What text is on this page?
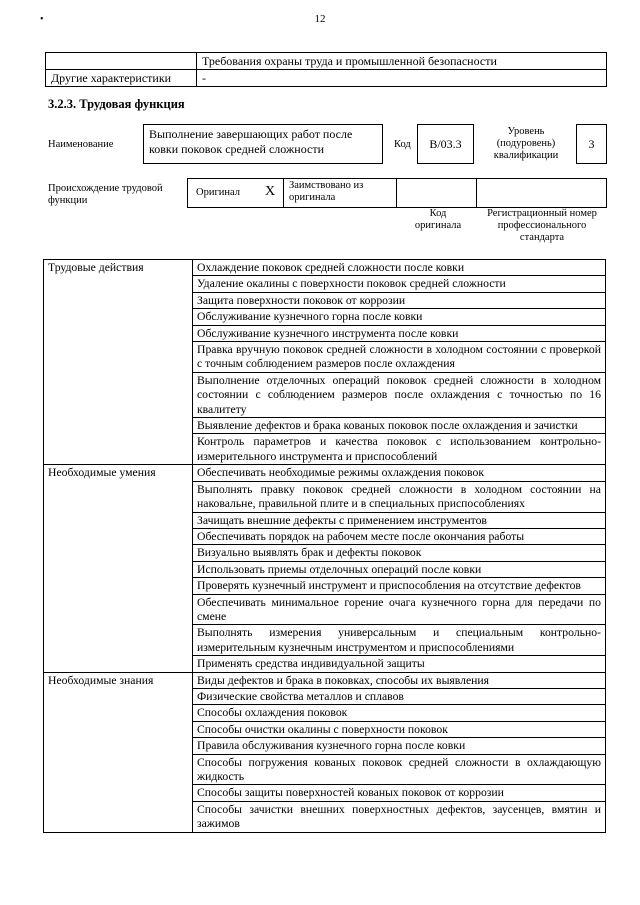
•	12
	Требования охраны труда и промышленной безопасности
Другие характеристики	-
3.2.3. Трудовая функция
Наименование
Выполнение завершающих работ после ковки поковок средней сложности	Код	B/03.3
Уровень (подуровень) квалификации
3
Происхождение трудовой функции
Оригинал X Заимствовано из оригинала
Код оригинала
Регистрационный номер профессионального стандарта
Трудовые действия	Охлаждение поковок средней сложности после ковки
	Удаление окалины с поверхности поковок средней сложности
	Защита поверхности поковок от коррозии
	Обслуживание кузнечного горна после ковки
	Обслуживание кузнечного инструмента после ковки
	Правка вручную поковок средней сложности в холодном состоянии с проверкой с точным соблюдением размеров после охлаждения
	Выполнение отделочных операций поковок средней сложности в холодном состоянии с соблюдением размеров после охлаждения с точностью по 16 квалитету
	Выявление дефектов и брака кованых поковок после охлаждения и зачистки
	Контроль параметров и качества поковок с использованием контрольно-измерительного инструмента и приспособлений
Необходимые умения	Обеспечивать необходимые режимы охлаждения поковок
	Выполнять правку поковок средней сложности в холодном состоянии на наковальне, правильной плите и в специальных приспособлениях
	Зачищать внешние дефекты с применением инструментов
	Обеспечивать порядок на рабочем месте после окончания работы
	Визуально выявлять брак и дефекты поковок
	Использовать приемы отделочных операций после ковки
	Проверять кузнечный инструмент и приспособления на отсутствие дефектов
	Обеспечивать минимальное горение очага кузнечного горна для передачи по смене
	Выполнять измерения универсальным и специальным контрольно-измерительным кузнечным инструментом и приспособлениями
	Применять средства индивидуальной защиты
Необходимые знания	Виды дефектов и брака в поковках, способы их выявления
	Физические свойства металлов и сплавов
	Способы охлаждения поковок
	Способы очистки окалины с поверхности поковок
	Правила обслуживания кузнечного горна после ковки
	Способы погружения кованых поковок средней сложности в охлаждающую жидкость
	Способы защиты поверхностей кованых поковок от коррозии
	Способы зачистки внешних поверхностных дефектов, заусенцев, вмятин и зажимов
